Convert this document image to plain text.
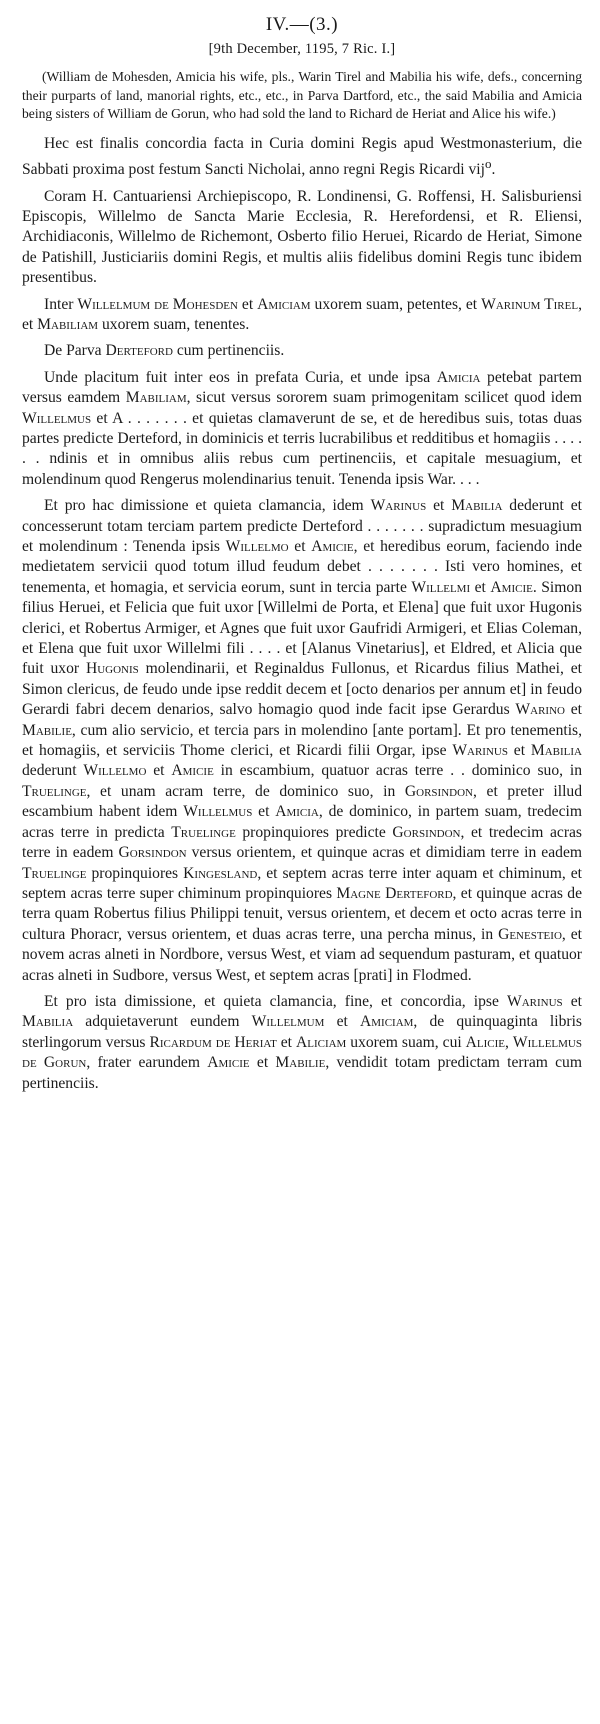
IV.—(3.)
[9th December, 1195, 7 Ric. I.]
(William de Mohesden, Amicia his wife, pls., Warin Tirel and Mabilia his wife, defs., concerning their purparts of land, manorial rights, etc., etc., in Parva Dartford, etc., the said Mabilia and Amicia being sisters of William de Gorun, who had sold the land to Richard de Heriat and Alice his wife.)

Hec est finalis concordia facta in Curia domini Regis apud Westmonasterium, die Sabbati proxima post festum Sancti Nicholai, anno regni Regis Ricardi vij$^o$.

Coram H. Cantuariensi Archiepiscopo, R. Londinensi, G. Roffensi, H. Salisburiensi Episcopis, Willelmo de Sancta Marie Ecclesia, R. Herefordensi, et R. Eliensi, Archidiaconis, Willelmo de Richemont, Osberto filio Heruei, Ricardo de Heriat, Simone de Patishill, Justiciariis domini Regis, et multis aliis fidelibus domini Regis tunc ibidem presentibus.

Inter Willelmum de Mohesden et Amiciam uxorem suam, petentes, et Warinum Tirel, et Mabiliam uxorem suam, tenentes.

De Parva Derteford cum pertinenciis.

Unde placitum fuit inter eos in prefata Curia, et unde ipsa Amicia petebat partem versus eamdem Mabiliam, sicut versus sororem suam primogenitam scilicet quod idem Willelmus et A . . . . . . . et quietas clamaverunt de se, et de heredibus suis, totas duas partes predicte Derteford, in dominicis et terris lucrabilibus et redditibus et homagiis . . . . . . ndinis et in omnibus aliis rebus cum pertinenciis, et capitale mesuagium, et molendinum quod Rengerus molendinarius tenuit. Tenenda ipsis War. . . .

Et pro hac dimissione et quieta clamancia, idem Warinus et Mabilia dederunt et concesserunt totam terciam partem predicte Derteford . . . . . . . supradictum mesuagium et molendinum : Tenenda ipsis Willelmo et Amicie, et heredibus eorum, faciendo inde medietatem servicii quod totum illud feudum debet . . . . . . . Isti vero homines, et tenementa, et homagia, et servicia eorum, sunt in tercia parte Willelmi et Amicie. Simon filius Heruei, et Felicia que fuit uxor [Willelmi de Porta, et Elena] que fuit uxor Hugonis clerici, et Robertus Armiger, et Agnes que fuit uxor Gaufridi Armigeri, et Elias Coleman, et Elena que fuit uxor Willelmi fili . . . . et [Alanus Vinetarius], et Eldred, et Alicia que fuit uxor Hugonis molendinarii, et Reginaldus Fullonus, et Ricardus filius Mathei, et Simon clericus, de feudo unde ipse reddit decem et [octo denarios per annum et] in feudo Gerardi fabri decem denarios, salvo homagio quod inde facit ipse Gerardus Warino et Mabilie, cum alio servicio, et tercia pars in molendino [ante portam]. Et pro tenementis, et homagiis, et serviciis Thome clerici, et Ricardi filii Orgar, ipse Warinus et Mabilia dederunt Willelmo et Amicie in escambium, quatuor acras terre . . dominico suo, in Truelinge, et unam acram terre, de dominico suo, in Gorsindon, et preter illud escambium habent idem Willelmus et Amicia, de dominico, in partem suam, tredecim acras terre in predicta Truelinge propinquiores predicte Gorsindon, et tredecim acras terre in eadem Gorsindon versus orientem, et quinque acras et dimidiam terre in eadem Truelinge propinquiores Kingesland, et septem acras terre inter aquam et chiminum, et septem acras terre super chiminum propinquiores Magne Derteford, et quinque acras de terra quam Robertus filius Philippi tenuit, versus orientem, et decem et octo acras terre in cultura Phoracr, versus orientem, et duas acras terre, una percha minus, in Genesteio, et novem acras alneti in Nordbore, versus West, et viam ad sequendum pasturam, et quatuor acras alneti in Sudbore, versus West, et septem acras [prati] in Flodmed.

Et pro ista dimissione, et quieta clamancia, fine, et concordia, ipse Warinus et Mabilia adquietaverunt eundem Willelmum et Amiciam, de quinquaginta libris sterlingorum versus Ricardum de Heriat et Aliciam uxorem suam, cui Alicie, Willelmus de Gorun, frater earundem Amicie et Mabilie, vendidit totam predictam terram cum pertinenciis.
